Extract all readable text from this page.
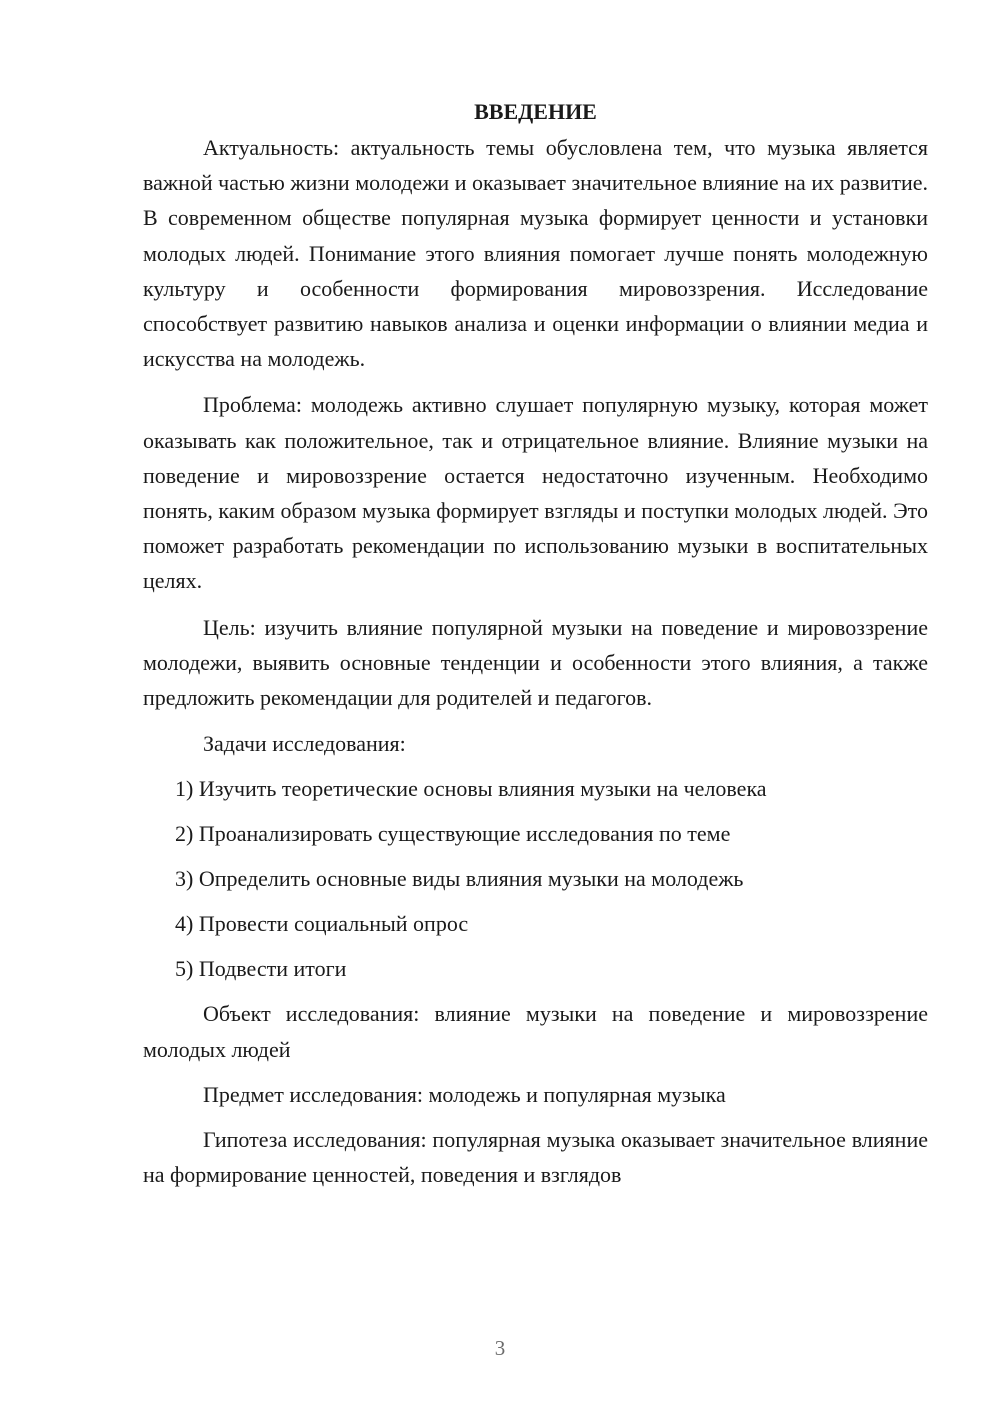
ВВЕДЕНИЕ

Актуальность: актуальность темы обусловлена тем, что музыка является важной частью жизни молодежи и оказывает значительное влияние на их развитие. В современном обществе популярная музыка формирует ценности и установки молодых людей. Понимание этого влияния помогает лучше понять молодежную культуру и особенности формирования мировоззрения. Исследование способствует развитию навыков анализа и оценки информации о влиянии медиа и искусства на молодежь.

Проблема: молодежь активно слушает популярную музыку, которая может оказывать как положительное, так и отрицательное влияние. Влияние музыки на поведение и мировоззрение остается недостаточно изученным. Необходимо понять, каким образом музыка формирует взгляды и поступки молодых людей. Это поможет разработать рекомендации по использованию музыки в воспитательных целях.

Цель: изучить влияние популярной музыки на поведение и мировоззрение молодежи, выявить основные тенденции и особенности этого влияния, а также предложить рекомендации для родителей и педагогов.

Задачи исследования:
1) Изучить теоретические основы влияния музыки на человека
2) Проанализировать существующие исследования по теме
3) Определить основные виды влияния музыки на молодежь
4) Провести социальный опрос
5) Подвести итоги

Объект исследования: влияние музыки на поведение и мировоззрение молодых людей

Предмет исследования: молодежь и популярная музыка

Гипотеза исследования: популярная музыка оказывает значительное влияние на формирование ценностей, поведения и взглядов

3
